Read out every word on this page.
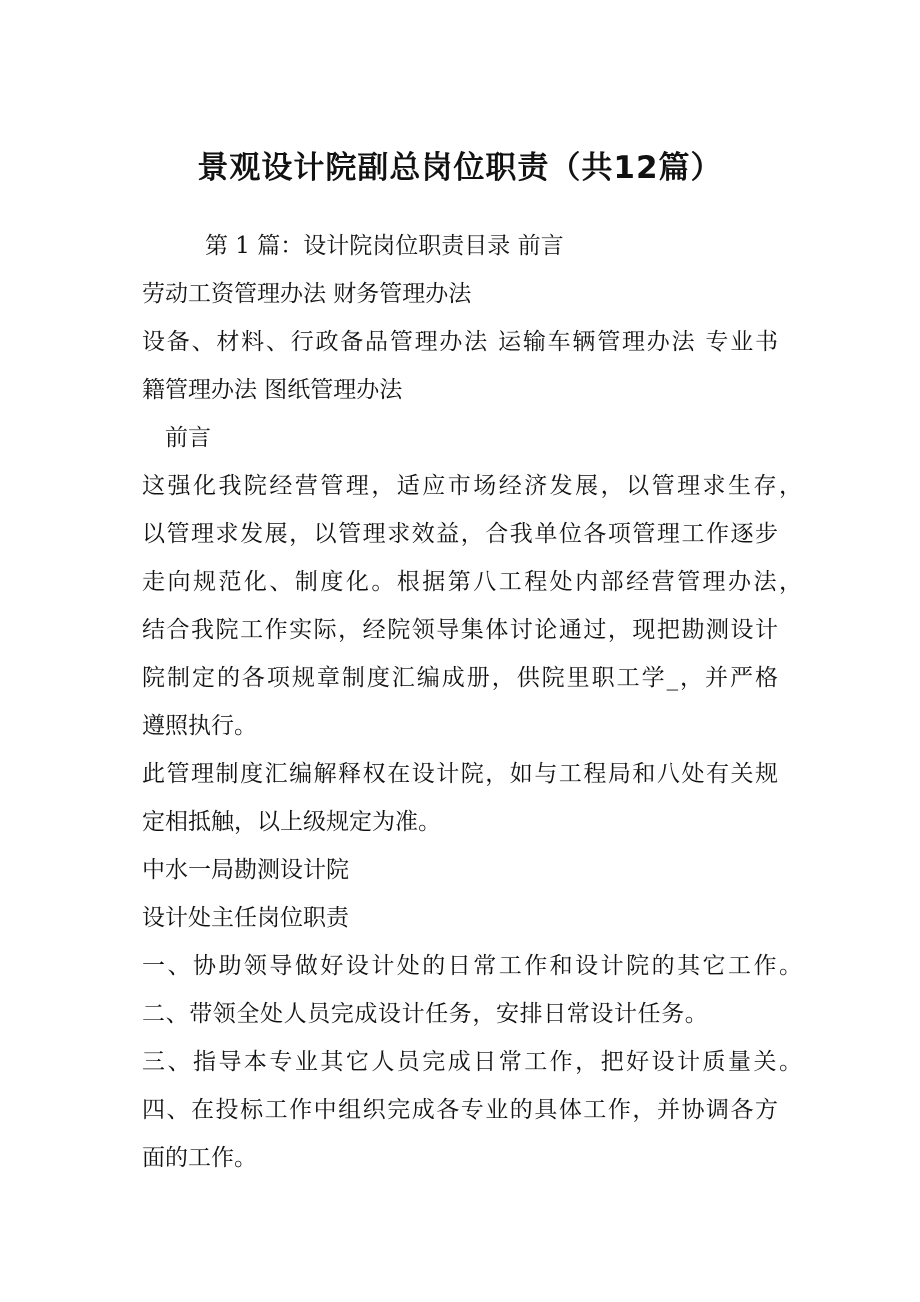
景观设计院副总岗位职责（共12篇）

第 1 篇：设计院岗位职责目录 前言

劳动工资管理办法 财务管理办法

设备、材料、行政备品管理办法 运输车辆管理办法 专业书

籍管理办法 图纸管理办法

前言

这强化我院经营管理，适应市场经济发展，以管理求生存，

以管理求发展，以管理求效益，合我单位各项管理工作逐步

走向规范化、制度化。根据第八工程处内部经营管理办法，

结合我院工作实际，经院领导集体讨论通过，现把勘测设计

院制定的各项规章制度汇编成册，供院里职工学_，并严格

遵照执行。

此管理制度汇编解释权在设计院，如与工程局和八处有关规

定相抵触，以上级规定为准。

中水一局勘测设计院

设计处主任岗位职责

一、协助领导做好设计处的日常工作和设计院的其它工作。

二、带领全处人员完成设计任务，安排日常设计任务。

三、指导本专业其它人员完成日常工作，把好设计质量关。

四、在投标工作中组织完成各专业的具体工作，并协调各方

面的工作。
